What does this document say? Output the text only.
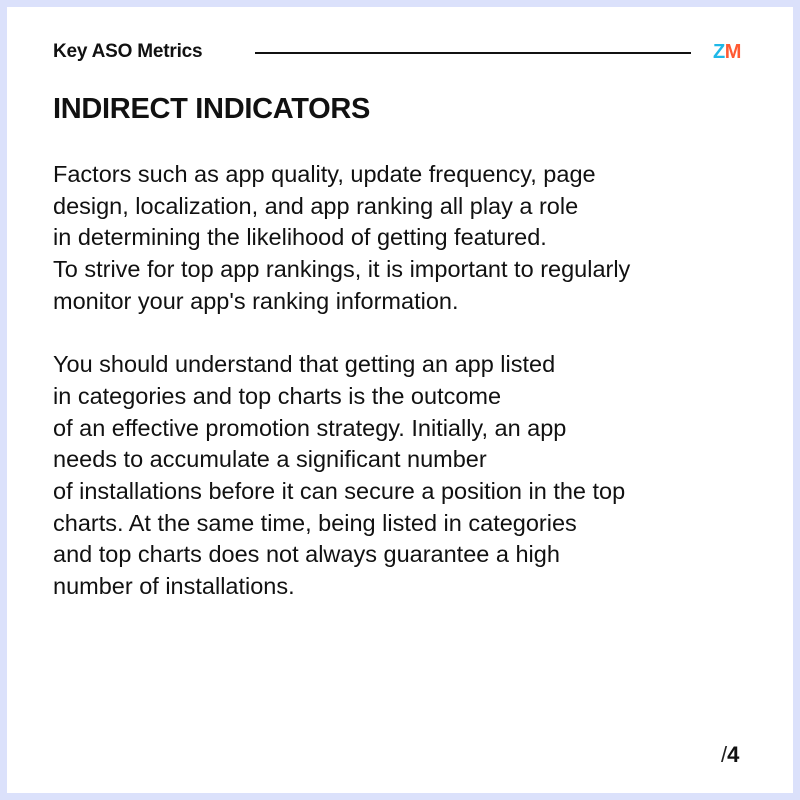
Key ASO Metrics	ZM
INDIRECT INDICATORS

Factors such as app quality, update frequency, page
design, localization, and app ranking all play a role
in determining the likelihood of getting featured.
To strive for top app rankings, it is important to regularly
monitor your app's ranking information.

You should understand that getting an app listed
in categories and top charts is the outcome
of an effective promotion strategy. Initially, an app
needs to accumulate a significant number
of installations before it can secure a position in the top
charts. At the same time, being listed in categories
and top charts does not always guarantee a high
number of installations.

/4
